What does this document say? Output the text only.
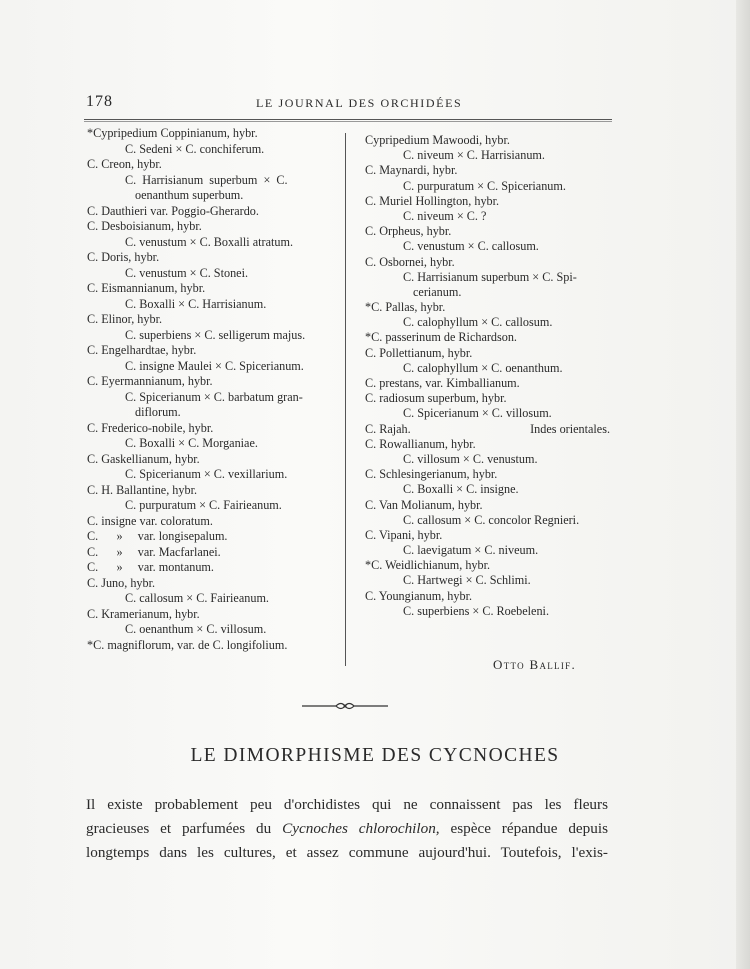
178	LE JOURNAL DES ORCHIDÉES
*Cypripedium Coppinianum, hybr.
C. Sedeni × C. conchiferum.
C. Creon, hybr.
C.  Harrisianum  superbum  ×  C.
oenanthum superbum.
C. Dauthieri var. Poggio-Gherardo.
C. Desboisianum, hybr.
C. venustum × C. Boxalli atratum.
C. Doris, hybr.
C. venustum × C. Stonei.
C. Eismannianum, hybr.
C. Boxalli × C. Harrisianum.
C. Elinor, hybr.
C. superbiens × C. selligerum majus.
C. Engelhardtae, hybr.
C. insigne Maulei × C. Spicerianum.
C. Eyermannianum, hybr.
C. Spicerianum × C. barbatum gran-
diflorum.
C. Frederico-nobile, hybr.
C. Boxalli × C. Morganiae.
C. Gaskellianum, hybr.
C. Spicerianum × C. vexillarium.
C. H. Ballantine, hybr.
C. purpuratum × C. Fairieanum.
C. insigne var. coloratum.
C.      »     var. longisepalum.
C.      »     var. Macfarlanei.
C.      »     var. montanum.
C. Juno, hybr.
C. callosum × C. Fairieanum.
C. Kramerianum, hybr.
C. oenanthum × C. villosum.
*C. magniflorum, var. de C. longifolium.
Cypripedium Mawoodi, hybr.
C. niveum × C. Harrisianum.
C. Maynardi, hybr.
C. purpuratum × C. Spicerianum.
C. Muriel Hollington, hybr.
C. niveum × C. ?
C. Orpheus, hybr.
C. venustum × C. callosum.
C. Osbornei, hybr.
C. Harrisianum superbum × C. Spi-
cerianum.
*C. Pallas, hybr.
C. calophyllum × C. callosum.
*C. passerinum de Richardson.
C. Pollettianum, hybr.
C. calophyllum × C. oenanthum.
C. prestans, var. Kimballianum.
C. radiosum superbum, hybr.
C. Spicerianum × C. villosum.
C. Rajah.	Indes orientales.
C. Rowallianum, hybr.
C. villosum × C. venustum.
C. Schlesingerianum, hybr.
C. Boxalli × C. insigne.
C. Van Molianum, hybr.
C. callosum × C. concolor Regnieri.
C. Vipani, hybr.
C. laevigatum × C. niveum.
*C. Weidlichianum, hybr.
C. Hartwegi × C. Schlimi.
C. Youngianum, hybr.
C. superbiens × C. Roebeleni.
Otto Ballif.
LE DIMORPHISME DES CYCNOCHES
Il existe probablement peu d'orchidistes qui ne connaissent pas les fleurs
gracieuses et parfumées du Cycnoches chlorochilon, espèce répandue depuis
longtemps dans les cultures, et assez commune aujourd'hui. Toutefois, l'exis-
